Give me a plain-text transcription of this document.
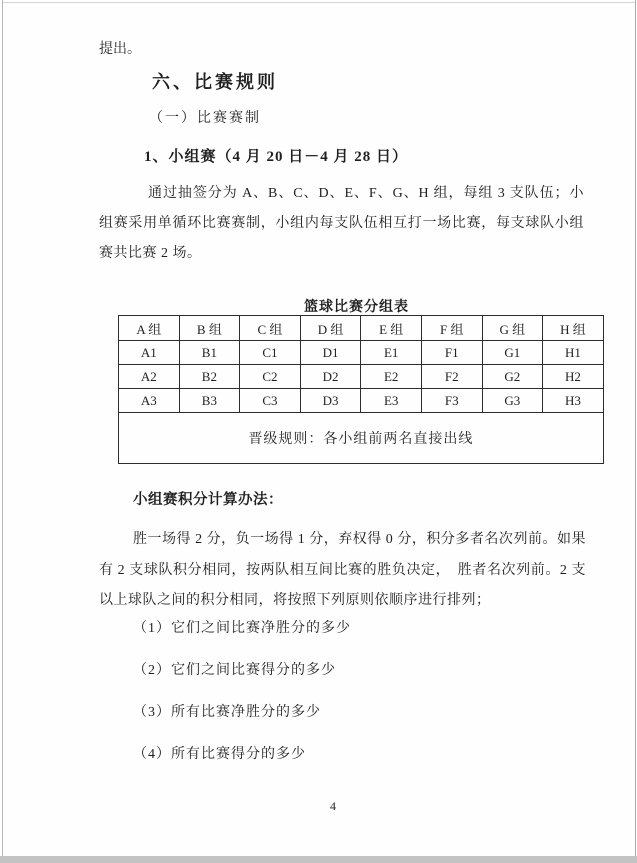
提出。
六、比赛规则
（一）比赛赛制
1、小组赛（4 月 20 日－4 月 28 日）
通过抽签分为 A、B、C、D、E、F、G、H 组，每组 3 支队伍；小组赛采用单循环比赛赛制，小组内每支队伍相互打一场比赛，每支球队小组赛共比赛 2 场。
篮球比赛分组表
A 组	B 组	C 组	D 组	E 组	F 组	G 组	H 组
A1	B1	C1	D1	E1	F1	G1	H1
A2	B2	C2	D2	E2	F2	G2	H2
A3	B3	C3	D3	E3	F3	G3	H3
晋级规则：各小组前两名直接出线							
小组赛积分计算办法：
胜一场得 2 分，负一场得 1 分，弃权得 0 分，积分多者名次列前。如果有 2 支球队积分相同，按两队相互间比赛的胜负决定，　胜者名次列前。2 支以上球队之间的积分相同，将按照下列原则依顺序进行排列；
（1）它们之间比赛净胜分的多少
（2）它们之间比赛得分的多少
（3）所有比赛净胜分的多少
（4）所有比赛得分的多少
4
